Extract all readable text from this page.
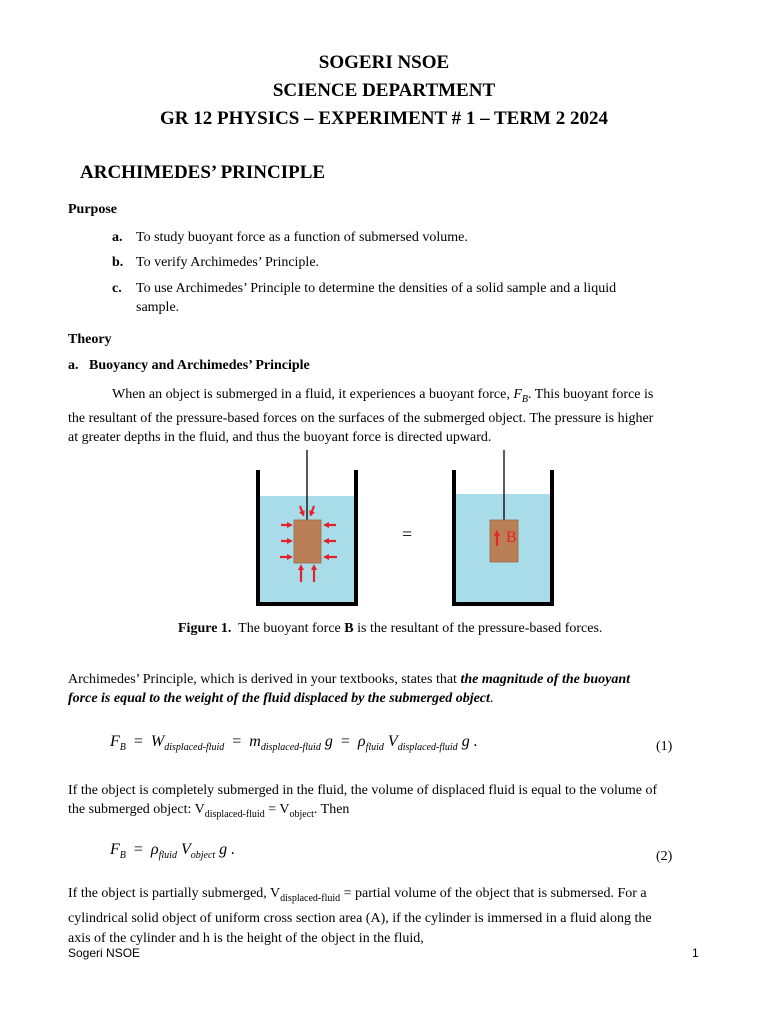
SOGERI NSOE
SCIENCE DEPARTMENT
GR 12 PHYSICS – EXPERIMENT # 1 – TERM 2 2024
ARCHIMEDES’ PRINCIPLE
Purpose
a. To study buoyant force as a function of submersed volume.
b. To verify Archimedes’ Principle.
c. To use Archimedes’ Principle to determine the densities of a solid sample and a liquid
sample.
Theory
a.   Buoyancy and Archimedes’ Principle
When an object is submerged in a fluid, it experiences a buoyant force, $F_B$. This buoyant force is
the resultant of the pressure-based forces on the surfaces of the submerged object. The pressure is higher
at greater depths in the fluid, and thus the buoyant force is directed upward.
=	B
Figure 1.  The buoyant force B is the resultant of the pressure-based forces.
Archimedes’ Principle, which is derived in your textbooks, states that the magnitude of the buoyant
force is equal to the weight of the fluid displaced by the submerged object.
$F_B = W_{displaced-fluid} = m_{displaced-fluid}$ $g = \rho_{fluid}$ $V_{displaced-fluid}$ g .	(1)
If the object is completely submerged in the fluid, the volume of displaced fluid is equal to the volume of
the submerged object: $V_{displaced-fluid} = V_{object}$. Then
$F_B = \rho_{fluid}$ $V_{object}$ g .	(2)
If the object is partially submerged, $V_{displaced-fluid}$ = partial volume of the object that is submersed. For a
cylindrical solid object of uniform cross section area (A), if the cylinder is immersed in a fluid along the
axis of the cylinder and h is the height of the object in the fluid,
Sogeri NSOE	1
